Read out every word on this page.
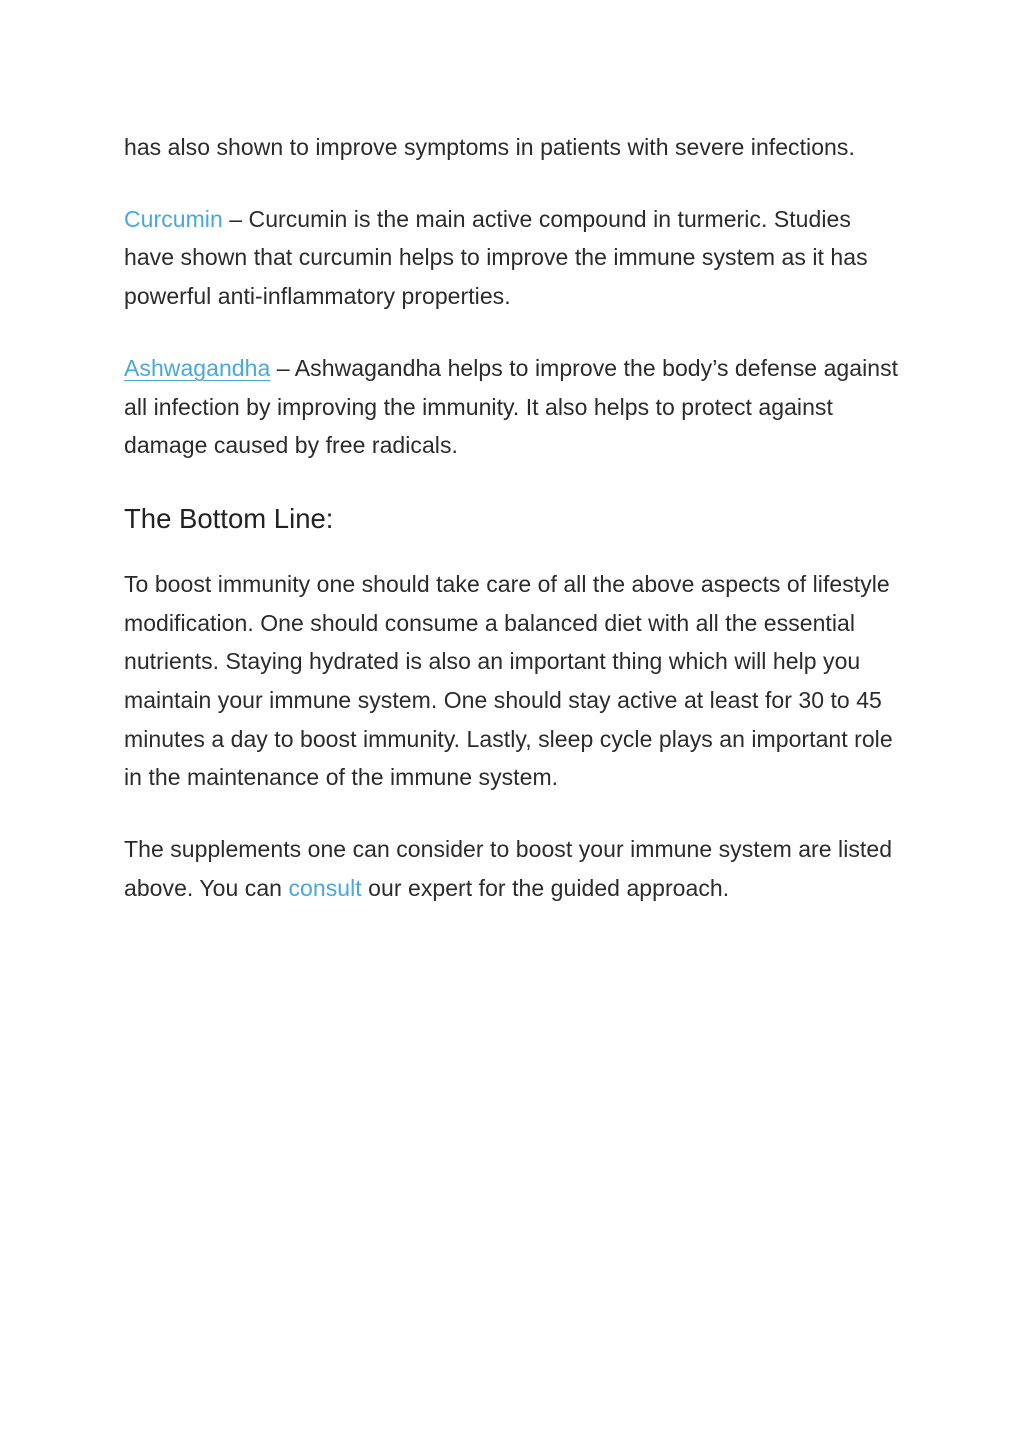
has also shown to improve symptoms in patients with severe infections.

Curcumin – Curcumin is the main active compound in turmeric. Studies have shown that curcumin helps to improve the immune system as it has powerful anti-inflammatory properties.

Ashwagandha – Ashwagandha helps to improve the body’s defense against all infection by improving the immunity. It also helps to protect against damage caused by free radicals.

The Bottom Line:

To boost immunity one should take care of all the above aspects of lifestyle modification. One should consume a balanced diet with all the essential nutrients. Staying hydrated is also an important thing which will help you maintain your immune system. One should stay active at least for 30 to 45 minutes a day to boost immunity. Lastly, sleep cycle plays an important role in the maintenance of the immune system.

The supplements one can consider to boost your immune system are listed above. You can consult our expert for the guided approach.
